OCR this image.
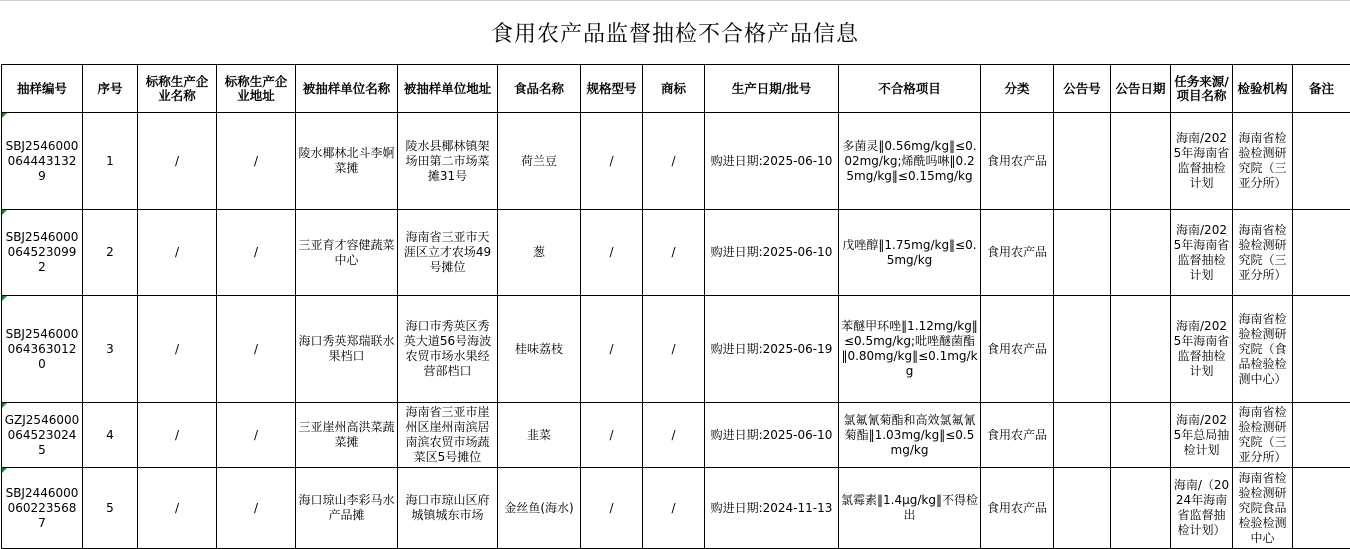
食用农产品监督抽检不合格产品信息
抽样编号	序号	标称生产企业名称	标称生产企业地址	被抽样单位名称	被抽样单位地址	食品名称	规格型号	商标	生产日期/批号	不合格项目	分类	公告号	公告日期	任务来源/项目名称	检验机构	备注
SBJ25460000644431329	1	/	/	陵水椰林北斗李婀菜摊	陵水县椰林镇架场田第二市场菜摊31号	荷兰豆	/	/	购进日期:2025-06-10	多菌灵‖0.56mg/kg‖≤0.02mg/kg;烯酰吗啉‖0.25mg/kg‖≤0.15mg/kg	食用农产品			海南/2025年海南省监督抽检计划	海南省检验检测研究院（三亚分所）	
SBJ25460000645230992	2	/	/	三亚育才容健蔬菜中心	海南省三亚市天涯区立才农场49号摊位	葱	/	/	购进日期:2025-06-10	戊唑醇‖1.75mg/kg‖≤0.5mg/kg	食用农产品			海南/2025年海南省监督抽检计划	海南省检验检测研究院（三亚分所）	
SBJ25460000643630120	3	/	/	海口秀英郑瑞联水果档口	海口市秀英区秀英大道56号海波农贸市场水果经营部档口	桂味荔枝	/	/	购进日期:2025-06-19	苯醚甲环唑‖1.12mg/kg‖≤0.5mg/kg;吡唑醚菌酯‖0.80mg/kg‖≤0.1mg/kg	食用农产品			海南/2025年海南省监督抽检计划	海南省检验检测研究院（食品检验检测中心）	
GZJ25460000645230245	4	/	/	三亚崖州高洪菜蔬菜摊	海南省三亚市崖州区崖州南滨居南滨农贸市场蔬菜区5号摊位	韭菜	/	/	购进日期:2025-06-10	氯氟氰菊酯和高效氯氟氰菊酯‖1.03mg/kg‖≤0.5mg/kg	食用农产品			海南/2025年总局抽检计划	海南省检验检测研究院（三亚分所）	
SBJ24460000602235687	5	/	/	海口琼山李彩马水产品摊	海口市琼山区府城镇城东市场	金丝鱼(海水)	/	/	购进日期:2024-11-13	氯霉素‖1.4μg/kg‖不得检出	食用农产品			海南/（2024年海南省监督抽检计划）	海南省检验检测研究院食品检验检测中心	
